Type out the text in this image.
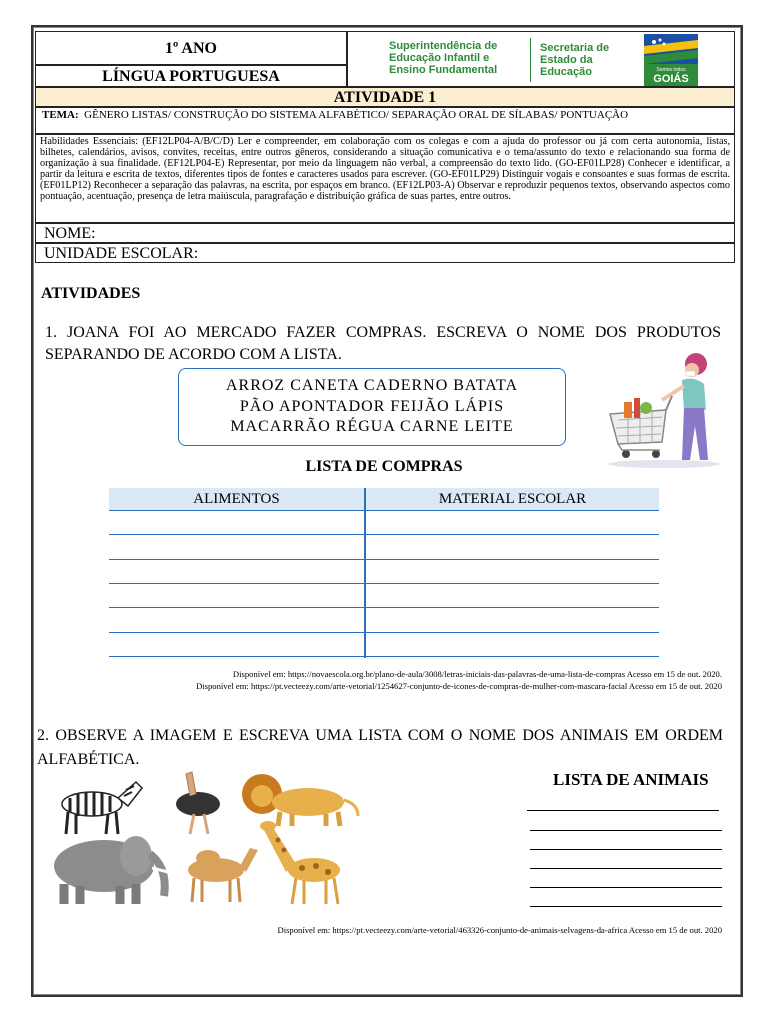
1º ANO
LÍNGUA PORTUGUESA
Superintendência de
Educação Infantil e
Ensino Fundamental
Secretaria de
Estado da
Educação	Somos todos
GOIÁS
ATIVIDADE 1
TEMA: GÊNERO LISTAS/ CONSTRUÇÃO DO SISTEMA ALFABÉTICO/ SEPARAÇÃO ORAL DE SÍLABAS/ PONTUAÇÃO
Habilidades Essenciais: (EF12LP04-A/B/C/D) Ler e compreender, em colaboração com os colegas e com a ajuda do professor ou já com certa autonomia, listas, bilhetes, calendários, avisos, convites, receitas, entre outros gêneros, considerando a situação comunicativa e o tema/assunto do texto e relacionando sua forma de organização à sua finalidade. (EF12LP04-E) Representar, por meio da linguagem não verbal, a compreensão do texto lido. (GO-EF01LP28) Conhecer e identificar, a partir da leitura e escrita de textos, diferentes tipos de fontes e caracteres usados para escrever. (GO-EF01LP29) Distinguir vogais e consoantes e suas formas de escrita. (EF01LP12) Reconhecer a separação das palavras, na escrita, por espaços em branco. (EF12LP03-A) Observar e reproduzir pequenos textos, observando aspectos como pontuação, acentuação, presença de letra maiúscula, paragrafação e distribuição gráfica de suas partes, entre outros.
NOME:
UNIDADE ESCOLAR:
ATIVIDADES
1. JOANA FOI AO MERCADO FAZER COMPRAS. ESCREVA O NOME DOS PRODUTOS SEPARANDO DE ACORDO COM A LISTA.
ARROZ CANETA CADERNO BATATA
PÃO APONTADOR FEIJÃO LÁPIS
MACARRÃO RÉGUA CARNE LEITE
LISTA DE COMPRAS
ALIMENTOS	MATERIAL ESCOLAR
Disponível em: https://novaescola.org.br/plano-de-aula/3008/letras-iniciais-das-palavras-de-uma-lista-de-compras Acesso em 15 de out. 2020.
Disponível em: https://pt.vecteezy.com/arte-vetorial/1254627-conjunto-de-icones-de-compras-de-mulher-com-mascara-facial Acesso em 15 de out. 2020
2. OBSERVE A IMAGEM E ESCREVA UMA LISTA COM O NOME DOS ANIMAIS EM ORDEM ALFABÉTICA.
LISTA DE ANIMAIS
Disponível em: https://pt.vecteezy.com/arte-vetorial/463326-conjunto-de-animais-selvagens-da-africa Acesso em 15 de out. 2020
